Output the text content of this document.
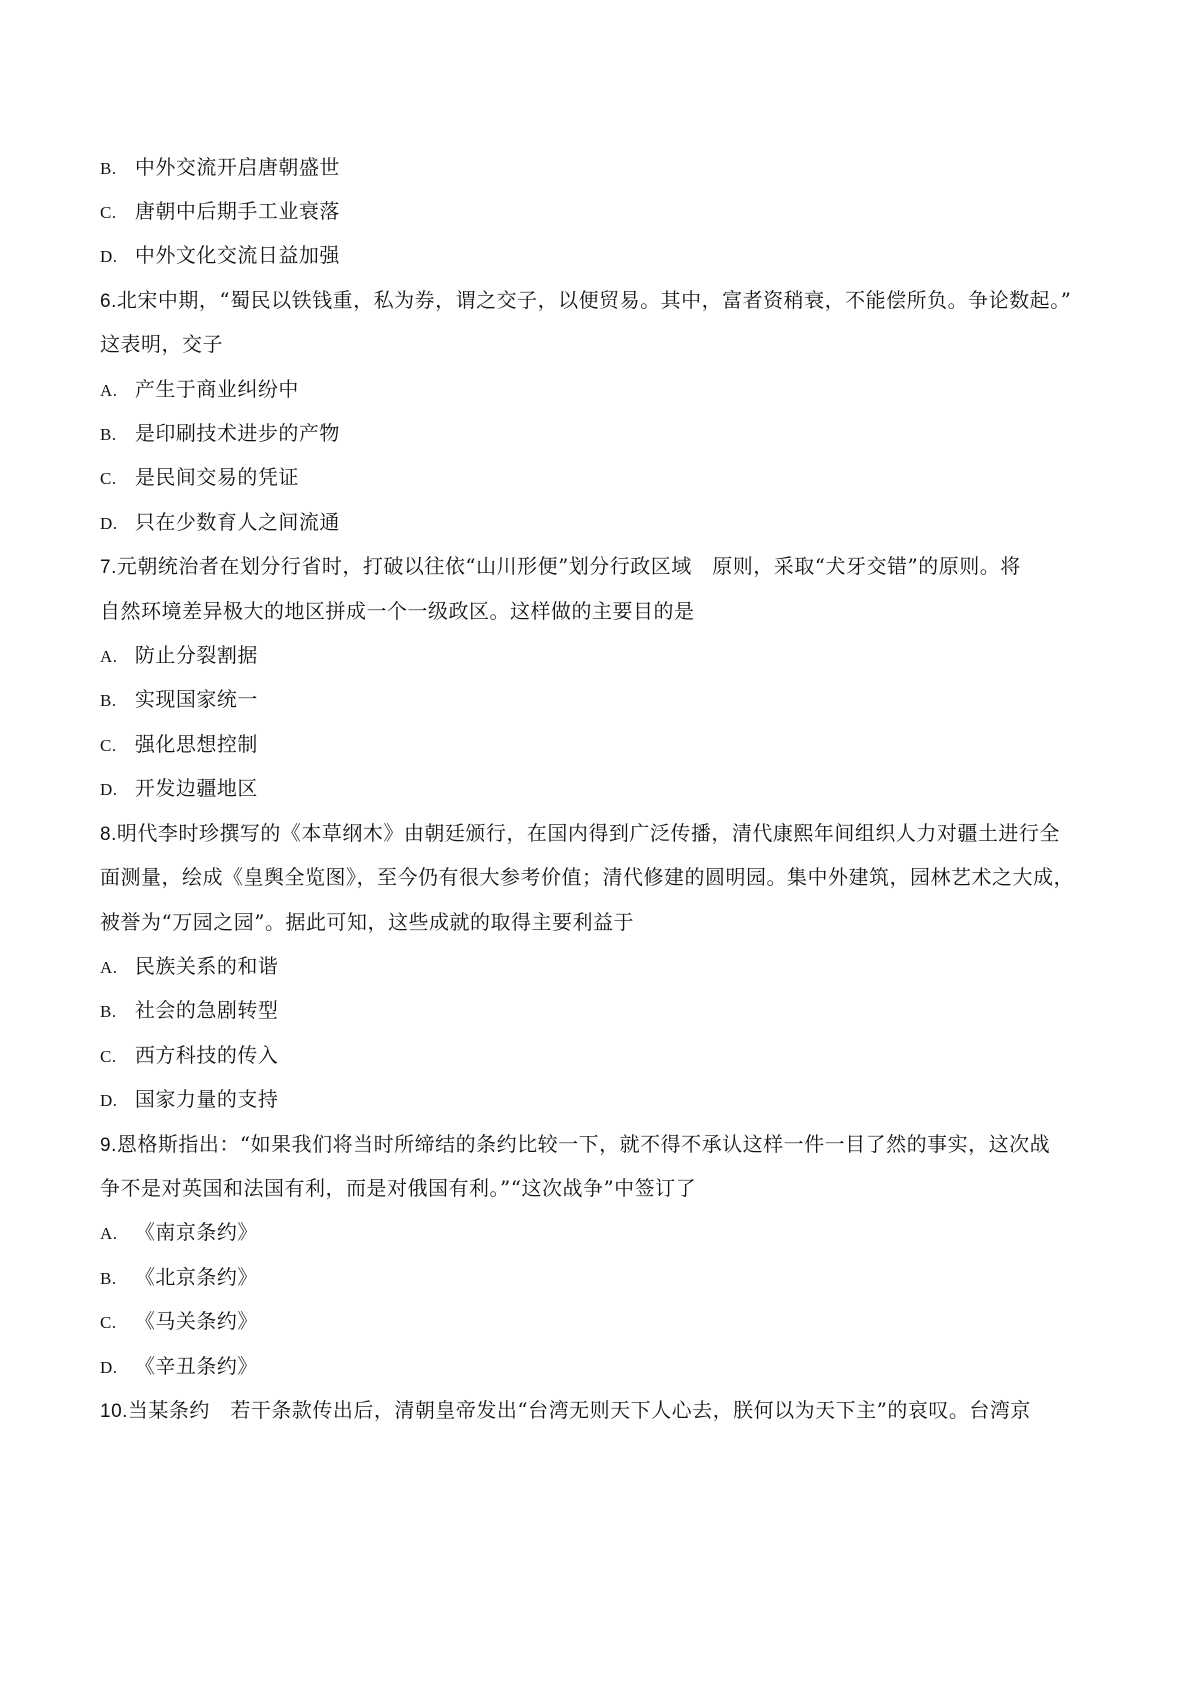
B. 中外交流开启唐朝盛世
C. 唐朝中后期手工业衰落
D. 中外文化交流日益加强
6.北宋中期，“蜀民以铁钱重，私为券，谓之交子，以便贸易。其中，富者资稍衰，不能偿所负。争论数起。”
这表明，交子
A. 产生于商业纠纷中
B. 是印刷技术进步的产物
C. 是民间交易的凭证
D. 只在少数育人之间流通
7.元朝统治者在划分行省时，打破以往依“山川形便”划分行政区域　原则，采取“犬牙交错”的原则。将
自然环境差异极大的地区拼成一个一级政区。这样做的主要目的是
A. 防止分裂割据
B. 实现国家统一
C. 强化思想控制
D. 开发边疆地区
8.明代李时珍撰写的《本草纲木》由朝廷颁行，在国内得到广泛传播，清代康熙年间组织人力对疆土进行全
面测量，绘成《皇舆全览图》，至今仍有很大参考价值；清代修建的圆明园。集中外建筑，园林艺术之大成，
被誉为“万园之园”。据此可知，这些成就的取得主要利益于
A. 民族关系的和谐
B. 社会的急剧转型
C. 西方科技的传入
D. 国家力量的支持
9.恩格斯指出：“如果我们将当时所缔结的条约比较一下，就不得不承认这样一件一目了然的事实，这次战
争不是对英国和法国有利，而是对俄国有利。”“这次战争”中签订了
A. 《南京条约》
B. 《北京条约》
C. 《马关条约》
D. 《辛丑条约》
10.当某条约　若干条款传出后，清朝皇帝发出“台湾无则天下人心去，朕何以为天下主”的哀叹。台湾京
